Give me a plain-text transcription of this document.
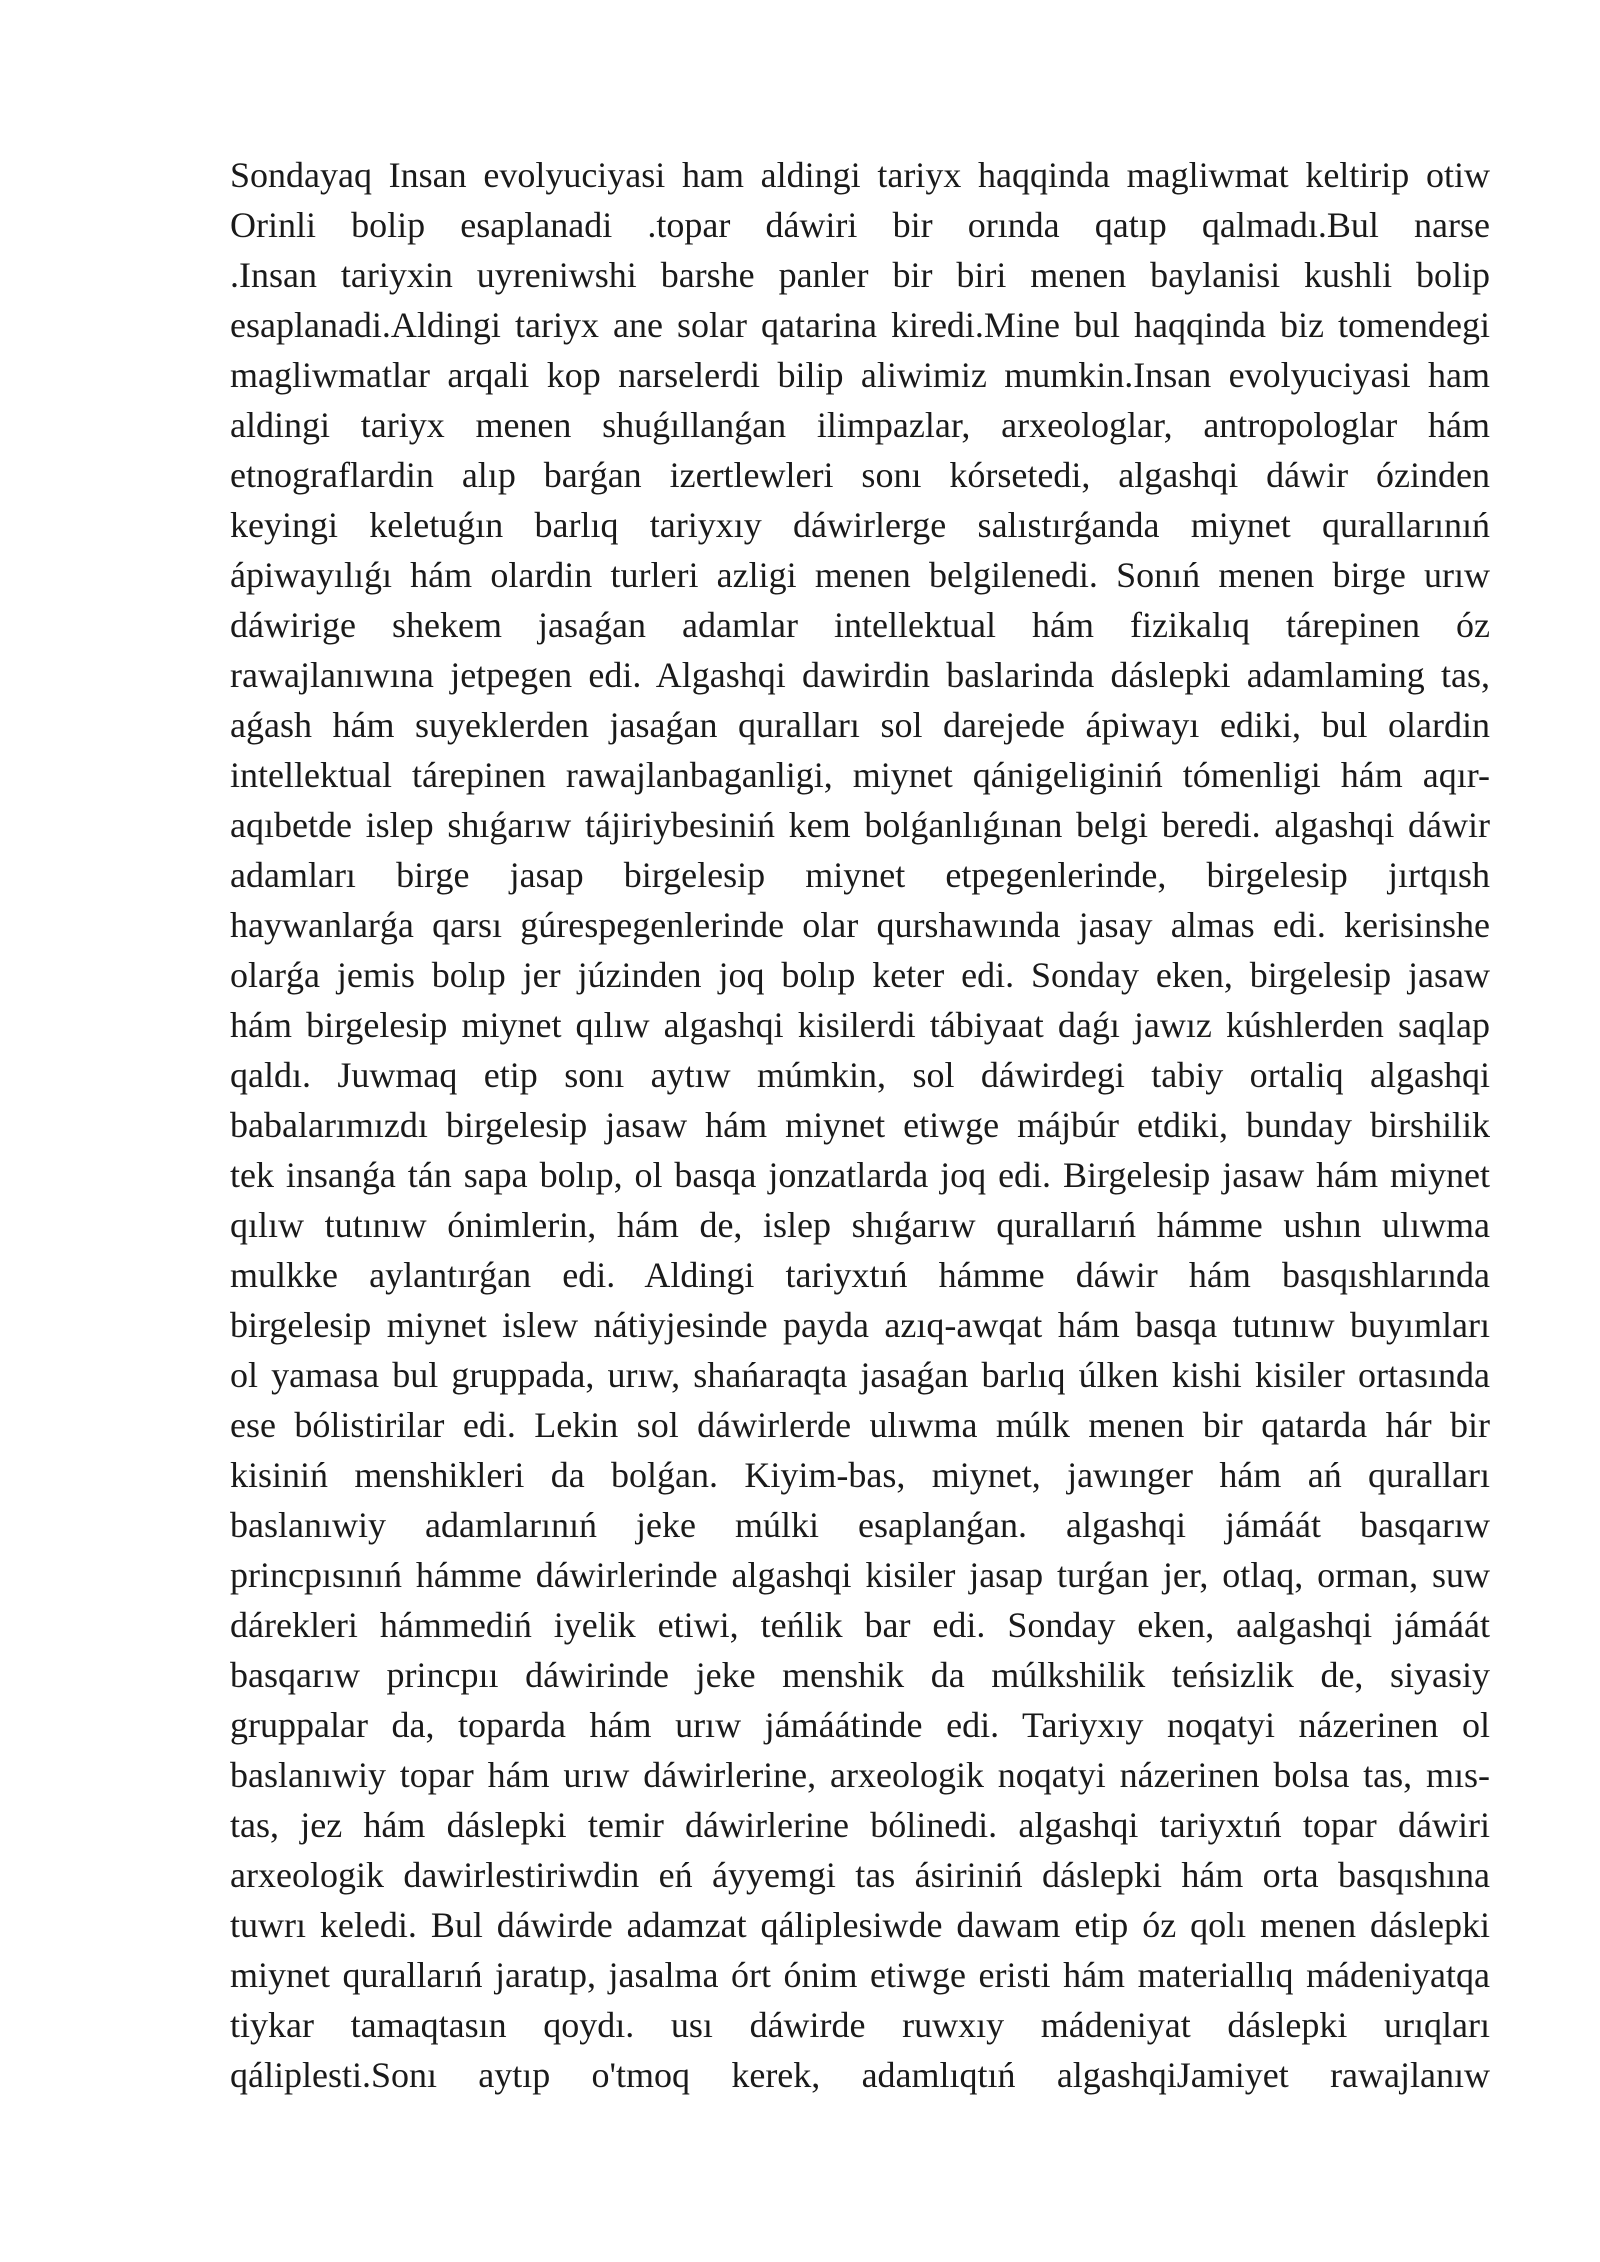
Sondayaq Insan evolyuciyasi ham aldingi tariyx haqqinda magliwmat keltirip otiw

Orinli bolip esaplanadi .topar dáwiri bir orında qatıp qalmadı.Bul narse

.Insan tariyxin uyreniwshi barshe panler bir biri menen baylanisi kushli bolip

esaplanadi.Aldingi tariyx ane solar qatarina kiredi.Mine bul haqqinda biz tomendegi

magliwmatlar arqali kop narselerdi bilip aliwimiz mumkin.Insan evolyuciyasi ham

aldingi tariyx menen shuǵıllanǵan ilimpazlar, arxeologlar, antropologlar hám

etnograflardin alıp barǵan izertlewleri sonı kórsetedi, algashqi dáwir ózinden

keyingi keletuǵın barlıq tariyxıy dáwirlerge salıstırǵanda miynet qurallarınıń

ápiwayılıǵı hám olardin turleri azligi menen belgilenedi. Sonıń menen birge urıw

dáwirige shekem jasaǵan adamlar intellektual hám fizikalıq tárepinen óz

rawajlanıwına jetpegen edi. Algashqi dawirdin baslarinda dáslepki adamlaming tas,

aǵash hám suyeklerden jasaǵan quralları sol darejede ápiwayı ediki, bul olardin

intellektual tárepinen rawajlanbaganligi, miynet qánigeliginiń tómenligi hám aqır-

aqıbetde islep shıǵarıw tájiriybesiniń kem bolǵanlıǵınan belgi beredi. algashqi dáwir

adamları birge jasap birgelesip miynet etpegenlerinde, birgelesip jırtqısh

haywanlarǵa qarsı gúrespegenlerinde olar qurshawında jasay almas edi. kerisinshe

olarǵa jemis bolıp jer júzinden joq bolıp keter edi. Sonday eken, birgelesip jasaw

hám birgelesip miynet qılıw algashqi kisilerdi tábiyaat daǵı jawız kúshlerden saqlap

qaldı. Juwmaq etip sonı aytıw múmkin, sol dáwirdegi tabiy ortaliq algashqi

babalarımızdı birgelesip jasaw hám miynet etiwge májbúr etdiki, bunday birshilik

tek insanǵa tán sapa bolıp, ol basqa jonzatlarda joq edi. Birgelesip jasaw hám miynet

qılıw tutınıw ónimlerin, hám de, islep shıǵarıw qurallarıń hámme ushın ulıwma

mulkke aylantırǵan edi. Aldingi tariyxtıń hámme dáwir hám basqıshlarında

birgelesip miynet islew nátiyjesinde payda azıq-awqat hám basqa tutınıw buyımları

ol yamasa bul gruppada, urıw, shańaraqta jasaǵan barlıq úlken kishi kisiler ortasında

ese bólistirilar edi. Lekin sol dáwirlerde ulıwma múlk menen bir qatarda hár bir

kisiniń menshikleri da bolǵan. Kiyim-bas, miynet, jawınger hám ań quralları

baslanıwiy adamlarınıń jeke múlki esaplanǵan. algashqi jámáát basqarıw

princpısınıń hámme dáwirlerinde algashqi kisiler jasap turǵan jer, otlaq, orman, suw

dárekleri hámmediń iyelik etiwi, teńlik bar edi. Sonday eken, aalgashqi jámáát

basqarıw princpıı dáwirinde jeke menshik da múlkshilik teńsizlik de, siyasiy

gruppalar da, toparda hám urıw jámáátinde edi. Tariyxıy noqatyi názerinen ol

baslanıwiy topar hám urıw dáwirlerine, arxeologik noqatyi názerinen bolsa tas, mıs-

tas, jez hám dáslepki temir dáwirlerine bólinedi. algashqi tariyxtıń topar dáwiri

arxeologik dawirlestiriwdin eń áyyemgi tas ásiriniń dáslepki hám orta basqıshına

tuwrı keledi. Bul dáwirde adamzat qáliplesiwde dawam etip óz qolı menen dáslepki

miynet qurallarıń jaratıp, jasalma órt ónim etiwge eristi hám materiallıq mádeniyatqa

tiykar tamaqtasın qoydı. usı dáwirde ruwxıy mádeniyat dáslepki urıqları

qáliplesti.Sonı aytıp o'tmoq kerek, adamlıqtıń algashqiJamiyet rawajlanıw
